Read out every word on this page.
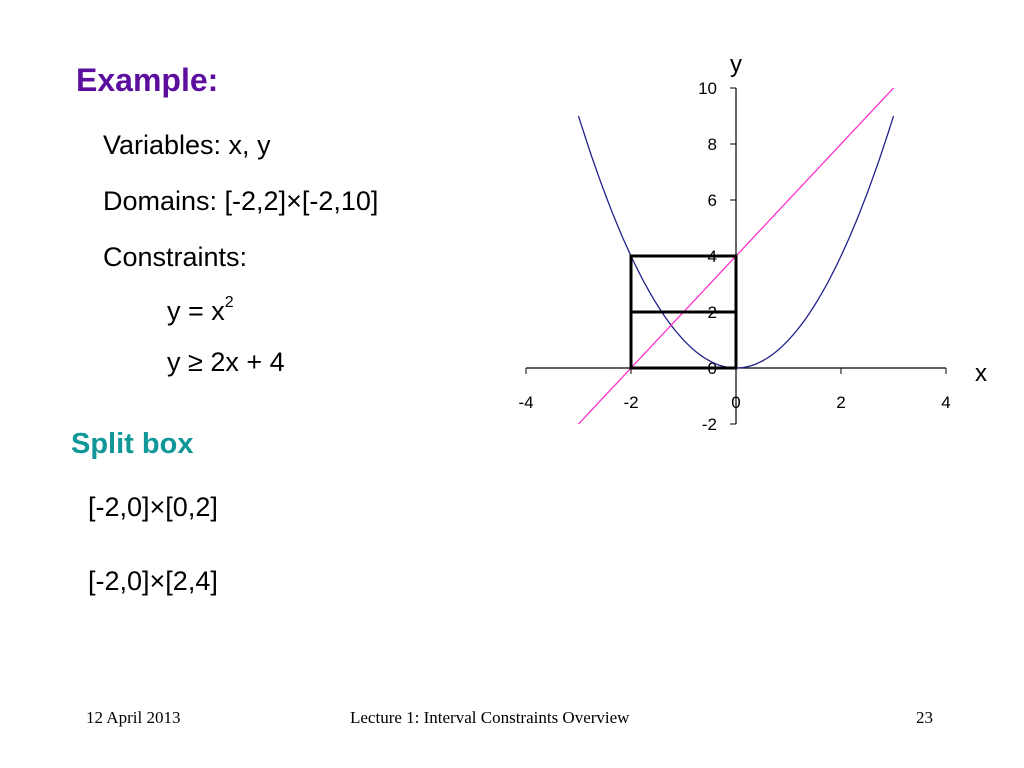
Example:
Variables: x, y
Domains: [-2,2]×[-2,10]
Constraints:
$y = x^2$
y ≥ 2x + 4
Split box
[-2,0]×[0,2]
[-2,0]×[2,4]
-4	-2	0	2	4
-2
0
2
4
6
8
10
x
y
12 April 2013	Lecture 1: Interval Constraints Overview	23
